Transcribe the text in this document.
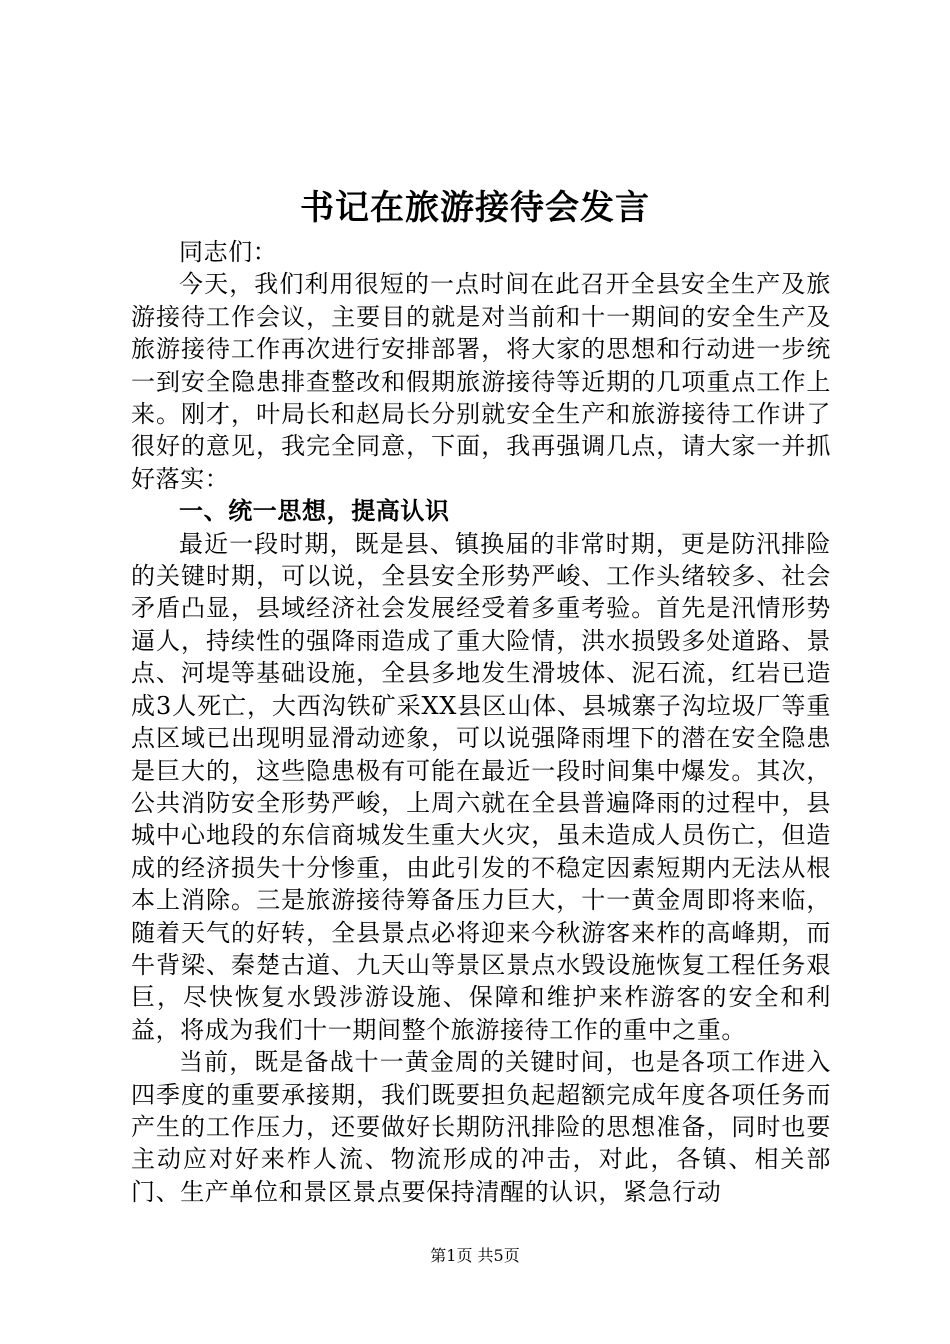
书记在旅游接待会发言

同志们：

今天，我们利用很短的一点时间在此召开全县安全生产及旅游接待工作会议，主要目的就是对当前和十一期间的安全生产及旅游接待工作再次进行安排部署，将大家的思想和行动进一步统一到安全隐患排查整改和假期旅游接待等近期的几项重点工作上来。刚才，叶局长和赵局长分别就安全生产和旅游接待工作讲了很好的意见，我完全同意，下面，我再强调几点，请大家一并抓好落实：

一、统一思想，提高认识

最近一段时期，既是县、镇换届的非常时期，更是防汛排险的关键时期，可以说，全县安全形势严峻、工作头绪较多、社会矛盾凸显，县域经济社会发展经受着多重考验。首先是汛情形势逼人，持续性的强降雨造成了重大险情，洪水损毁多处道路、景点、河堤等基础设施，全县多地发生滑坡体、泥石流，红岩已造成3人死亡，大西沟铁矿采XX县区山体、县城寨子沟垃圾厂等重点区域已出现明显滑动迹象，可以说强降雨埋下的潜在安全隐患是巨大的，这些隐患极有可能在最近一段时间集中爆发。其次，公共消防安全形势严峻，上周六就在全县普遍降雨的过程中，县城中心地段的东信商城发生重大火灾，虽未造成人员伤亡，但造成的经济损失十分惨重，由此引发的不稳定因素短期内无法从根本上消除。三是旅游接待筹备压力巨大，十一黄金周即将来临，随着天气的好转，全县景点必将迎来今秋游客来柞的高峰期，而牛背梁、秦楚古道、九天山等景区景点水毁设施恢复工程任务艰巨，尽快恢复水毁涉游设施、保障和维护来柞游客的安全和利益，将成为我们十一期间整个旅游接待工作的重中之重。

当前，既是备战十一黄金周的关键时间，也是各项工作进入四季度的重要承接期，我们既要担负起超额完成年度各项任务而产生的工作压力，还要做好长期防汛排险的思想准备，同时也要主动应对好来柞人流、物流形成的冲击，对此，各镇、相关部门、生产单位和景区景点要保持清醒的认识，紧急行动

第1页 共5页
